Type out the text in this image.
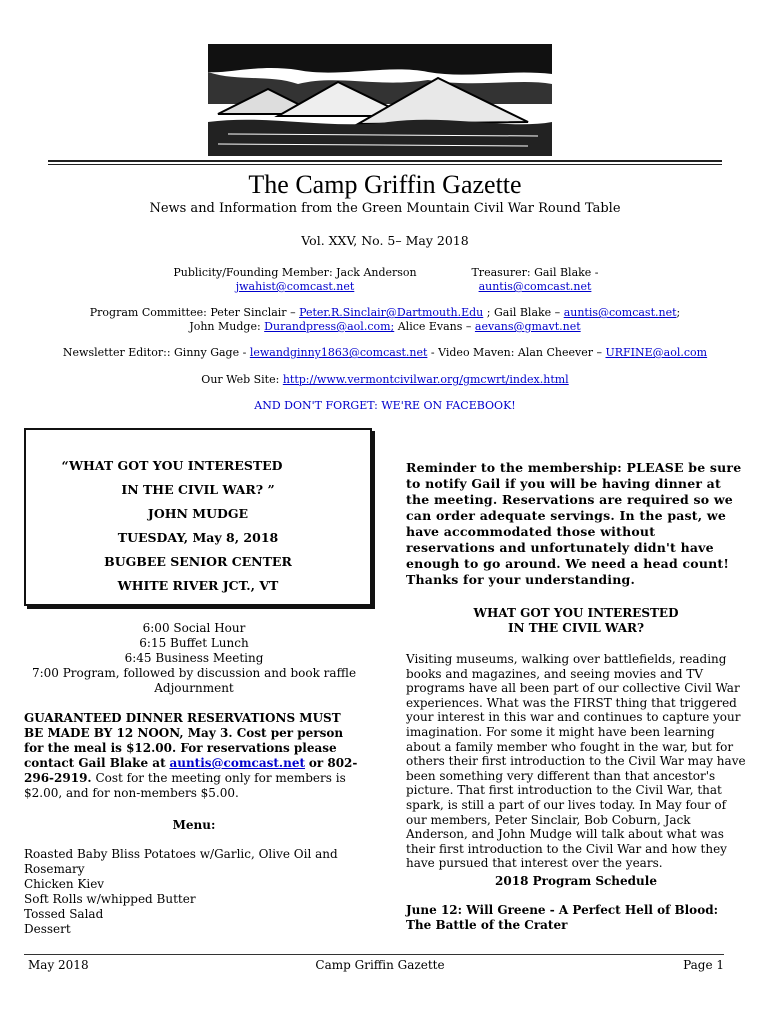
The Camp Griffin Gazette
News and Information from the Green Mountain Civil War Round Table
Vol. XXV, No. 5– May 2018
Publicity/Founding Member: Jack Anderson
jwahist@comcast.net
Treasurer: Gail Blake -
auntis@comcast.net
Program Committee: Peter Sinclair – Peter.R.Sinclair@Dartmouth.Edu ; Gail Blake – auntis@comcast.net;
John Mudge: Durandpress@aol.com; Alice Evans – aevans@gmavt.net
Newsletter Editor:: Ginny Gage - lewandginny1863@comcast.net - Video Maven: Alan Cheever – URFINE@aol.com
Our Web Site: http://www.vermontcivilwar.org/gmcwrt/index.html
AND DON'T FORGET: WE'RE ON FACEBOOK!
“WHAT GOT YOU INTERESTED
IN THE CIVIL WAR? ”
JOHN MUDGE
TUESDAY, May 8, 2018
BUGBEE SENIOR CENTER
WHITE RIVER JCT., VT
6:00 Social Hour
6:15 Buffet Lunch
6:45 Business Meeting
7:00 Program, followed by discussion and book raffle
Adjournment
GUARANTEED DINNER RESERVATIONS MUST BE MADE BY 12 NOON, May 3. Cost per person for the meal is $12.00. For reservations please contact Gail Blake at auntis@comcast.net or 802-296-2919. Cost for the meeting only for members is $2.00, and for non-members $5.00.
Menu:
Roasted Baby Bliss Potatoes w/Garlic, Olive Oil and Rosemary
Chicken Kiev
Soft Rolls w/whipped Butter
Tossed Salad
Dessert
Reminder to the membership: PLEASE be sure to notify Gail if you will be having dinner at the meeting. Reservations are required so we can order adequate servings. In the past, we have accommodated those without reservations and unfortunately didn't have enough to go around. We need a head count! Thanks for your understanding.
WHAT GOT YOU INTERESTED
IN THE CIVIL WAR?
Visiting museums, walking over battlefields, reading books and magazines, and seeing movies and TV programs have all been part of our collective Civil War experiences. What was the FIRST thing that triggered your interest in this war and continues to capture your imagination. For some it might have been learning about a family member who fought in the war, but for others their first introduction to the Civil War may have been something very different than that ancestor's picture. That first introduction to the Civil War, that spark, is still a part of our lives today. In May four of our members, Peter Sinclair, Bob Coburn, Jack Anderson, and John Mudge will talk about what was their first introduction to the Civil War and how they have pursued that interest over the years.
2018 Program Schedule
June 12: Will Greene - A Perfect Hell of Blood: The Battle of the Crater
May 2018	Camp Griffin Gazette	Page 1
